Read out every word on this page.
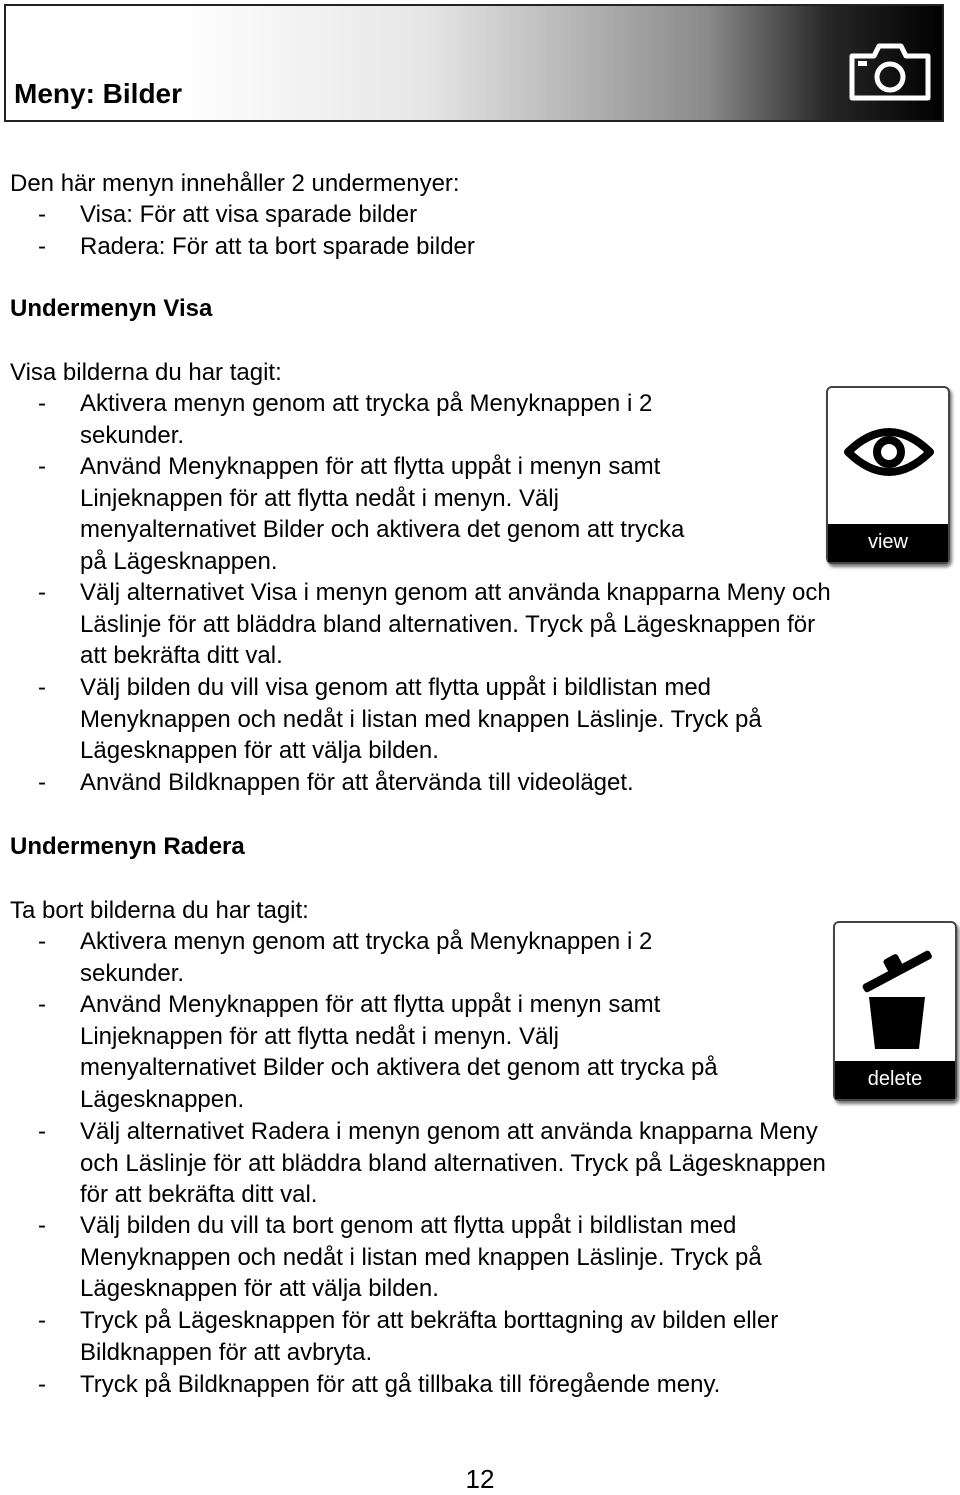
Meny: Bilder
Den här menyn innehåller 2 undermenyer:
-	Visa: För att visa sparade bilder
-	Radera: För att ta bort sparade bilder
Undermenyn Visa
Visa bilderna du har tagit:
-	Aktivera menyn genom att trycka på Menyknappen i 2
sekunder.
-	Använd Menyknappen för att flytta uppåt i menyn samt
Linjeknappen för att flytta nedåt i menyn. Välj
menyalternativet Bilder och aktivera det genom att trycka
på Lägesknappen.
-	Välj alternativet Visa i menyn genom att använda knapparna Meny och
Läslinje för att bläddra bland alternativen. Tryck på Lägesknappen för
att bekräfta ditt val.
-	Välj bilden du vill visa genom att flytta uppåt i bildlistan med
Menyknappen och nedåt i listan med knappen Läslinje. Tryck på
Lägesknappen för att välja bilden.
-	Använd Bildknappen för att återvända till videoläget.
view
Undermenyn Radera
Ta bort bilderna du har tagit:
-	Aktivera menyn genom att trycka på Menyknappen i 2
sekunder.
-	Använd Menyknappen för att flytta uppåt i menyn samt
Linjeknappen för att flytta nedåt i menyn. Välj
menyalternativet Bilder och aktivera det genom att trycka på
Lägesknappen.
-	Välj alternativet Radera i menyn genom att använda knapparna Meny
och Läslinje för att bläddra bland alternativen. Tryck på Lägesknappen
för att bekräfta ditt val.
-	Välj bilden du vill ta bort genom att flytta uppåt i bildlistan med
Menyknappen och nedåt i listan med knappen Läslinje. Tryck på
Lägesknappen för att välja bilden.
-	Tryck på Lägesknappen för att bekräfta borttagning av bilden eller
Bildknappen för att avbryta.
-	Tryck på Bildknappen för att gå tillbaka till föregående meny.
delete
12
